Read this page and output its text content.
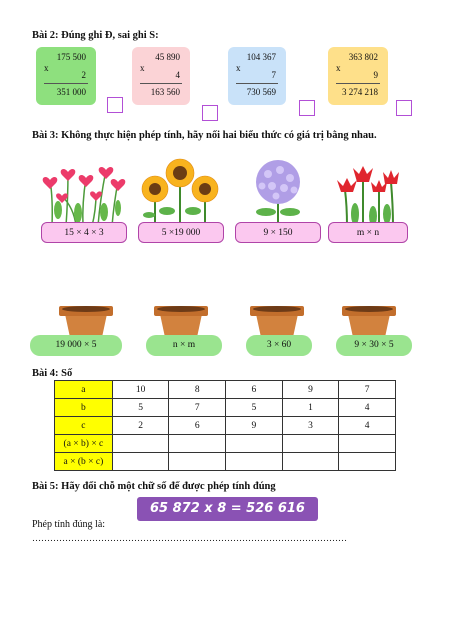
Bài 2: Đúng ghi Đ, sai ghi S:
175 500
x
2
351 000
45 890
x
4
163 560
104 367
x
7
730 569
363 802
x
9
3 274 218
Bài 3: Không thực hiện phép tính, hãy nối hai biểu thức có giá trị bằng nhau.
15 × 4 × 3	5 ×19 000	9 × 150	m × n
19 000 × 5	n × m	3 × 60	9 × 30 × 5
Bài 4: Số
a	10	8	6	9	7
b	5	7	5	1	4
c	2	6	9	3	4
(a × b) × c					
a × (b × c)					
Bài 5: Hãy đổi chỗ một chữ số để được phép tính đúng
65 872 x 8 = 526 616
Phép tính đúng là:
……………………………………………………………………………………………
